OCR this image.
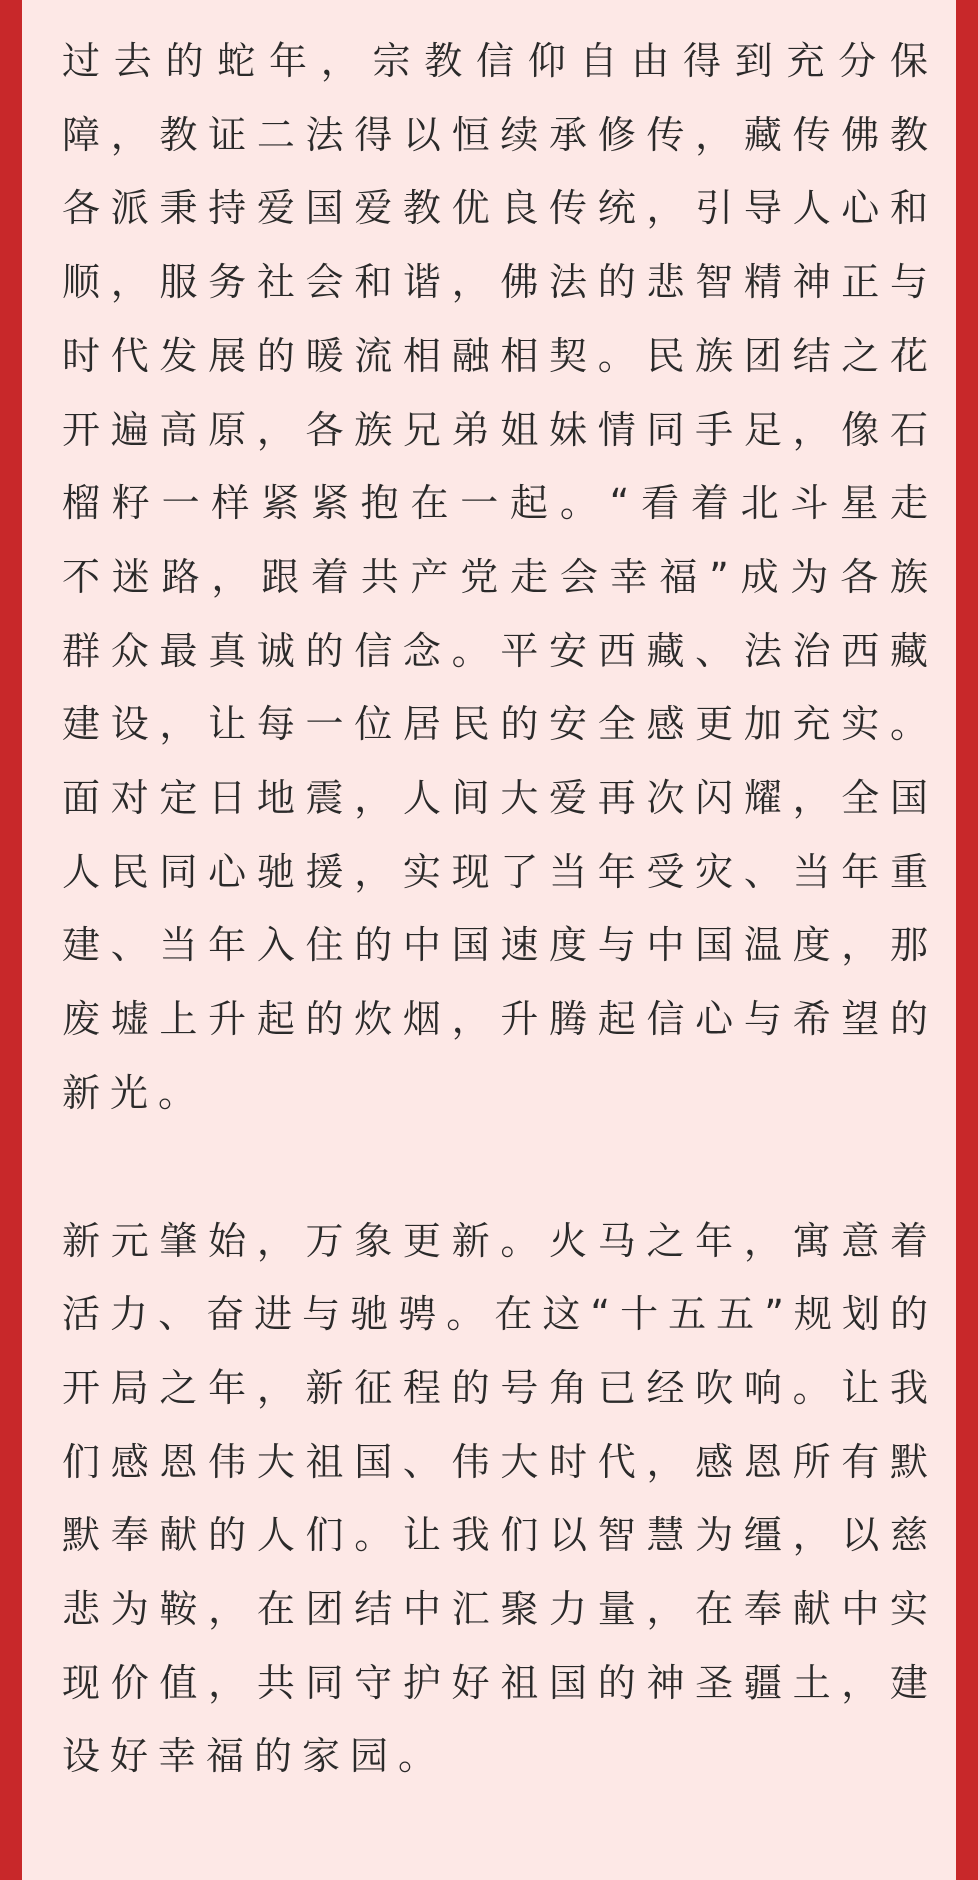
过去的蛇年，宗教信仰自由得到充分保障，教证二法得以恒续承修传，藏传佛教各派秉持爱国爱教优良传统，引导人心和顺，服务社会和谐，佛法的悲智精神正与时代发展的暖流相融相契。民族团结之花开遍高原，各族兄弟姐妹情同手足，像石榴籽一样紧紧抱在一起。“看着北斗星走不迷路，跟着共产党走会幸福”成为各族群众最真诚的信念。平安西藏、法治西藏建设，让每一位居民的安全感更加充实。面对定日地震，人间大爱再次闪耀，全国人民同心驰援，实现了当年受灾、当年重建、当年入住的中国速度与中国温度，那废墟上升起的炊烟，升腾起信心与希望的新光。

新元肇始，万象更新。火马之年，寓意着活力、奋进与驰骋。在这“十五五”规划的开局之年，新征程的号角已经吹响。让我们感恩伟大祖国、伟大时代，感恩所有默默奉献的人们。让我们以智慧为缰，以慈悲为鞍，在团结中汇聚力量，在奉献中实现价值，共同守护好祖国的神圣疆土，建设好幸福的家园。
